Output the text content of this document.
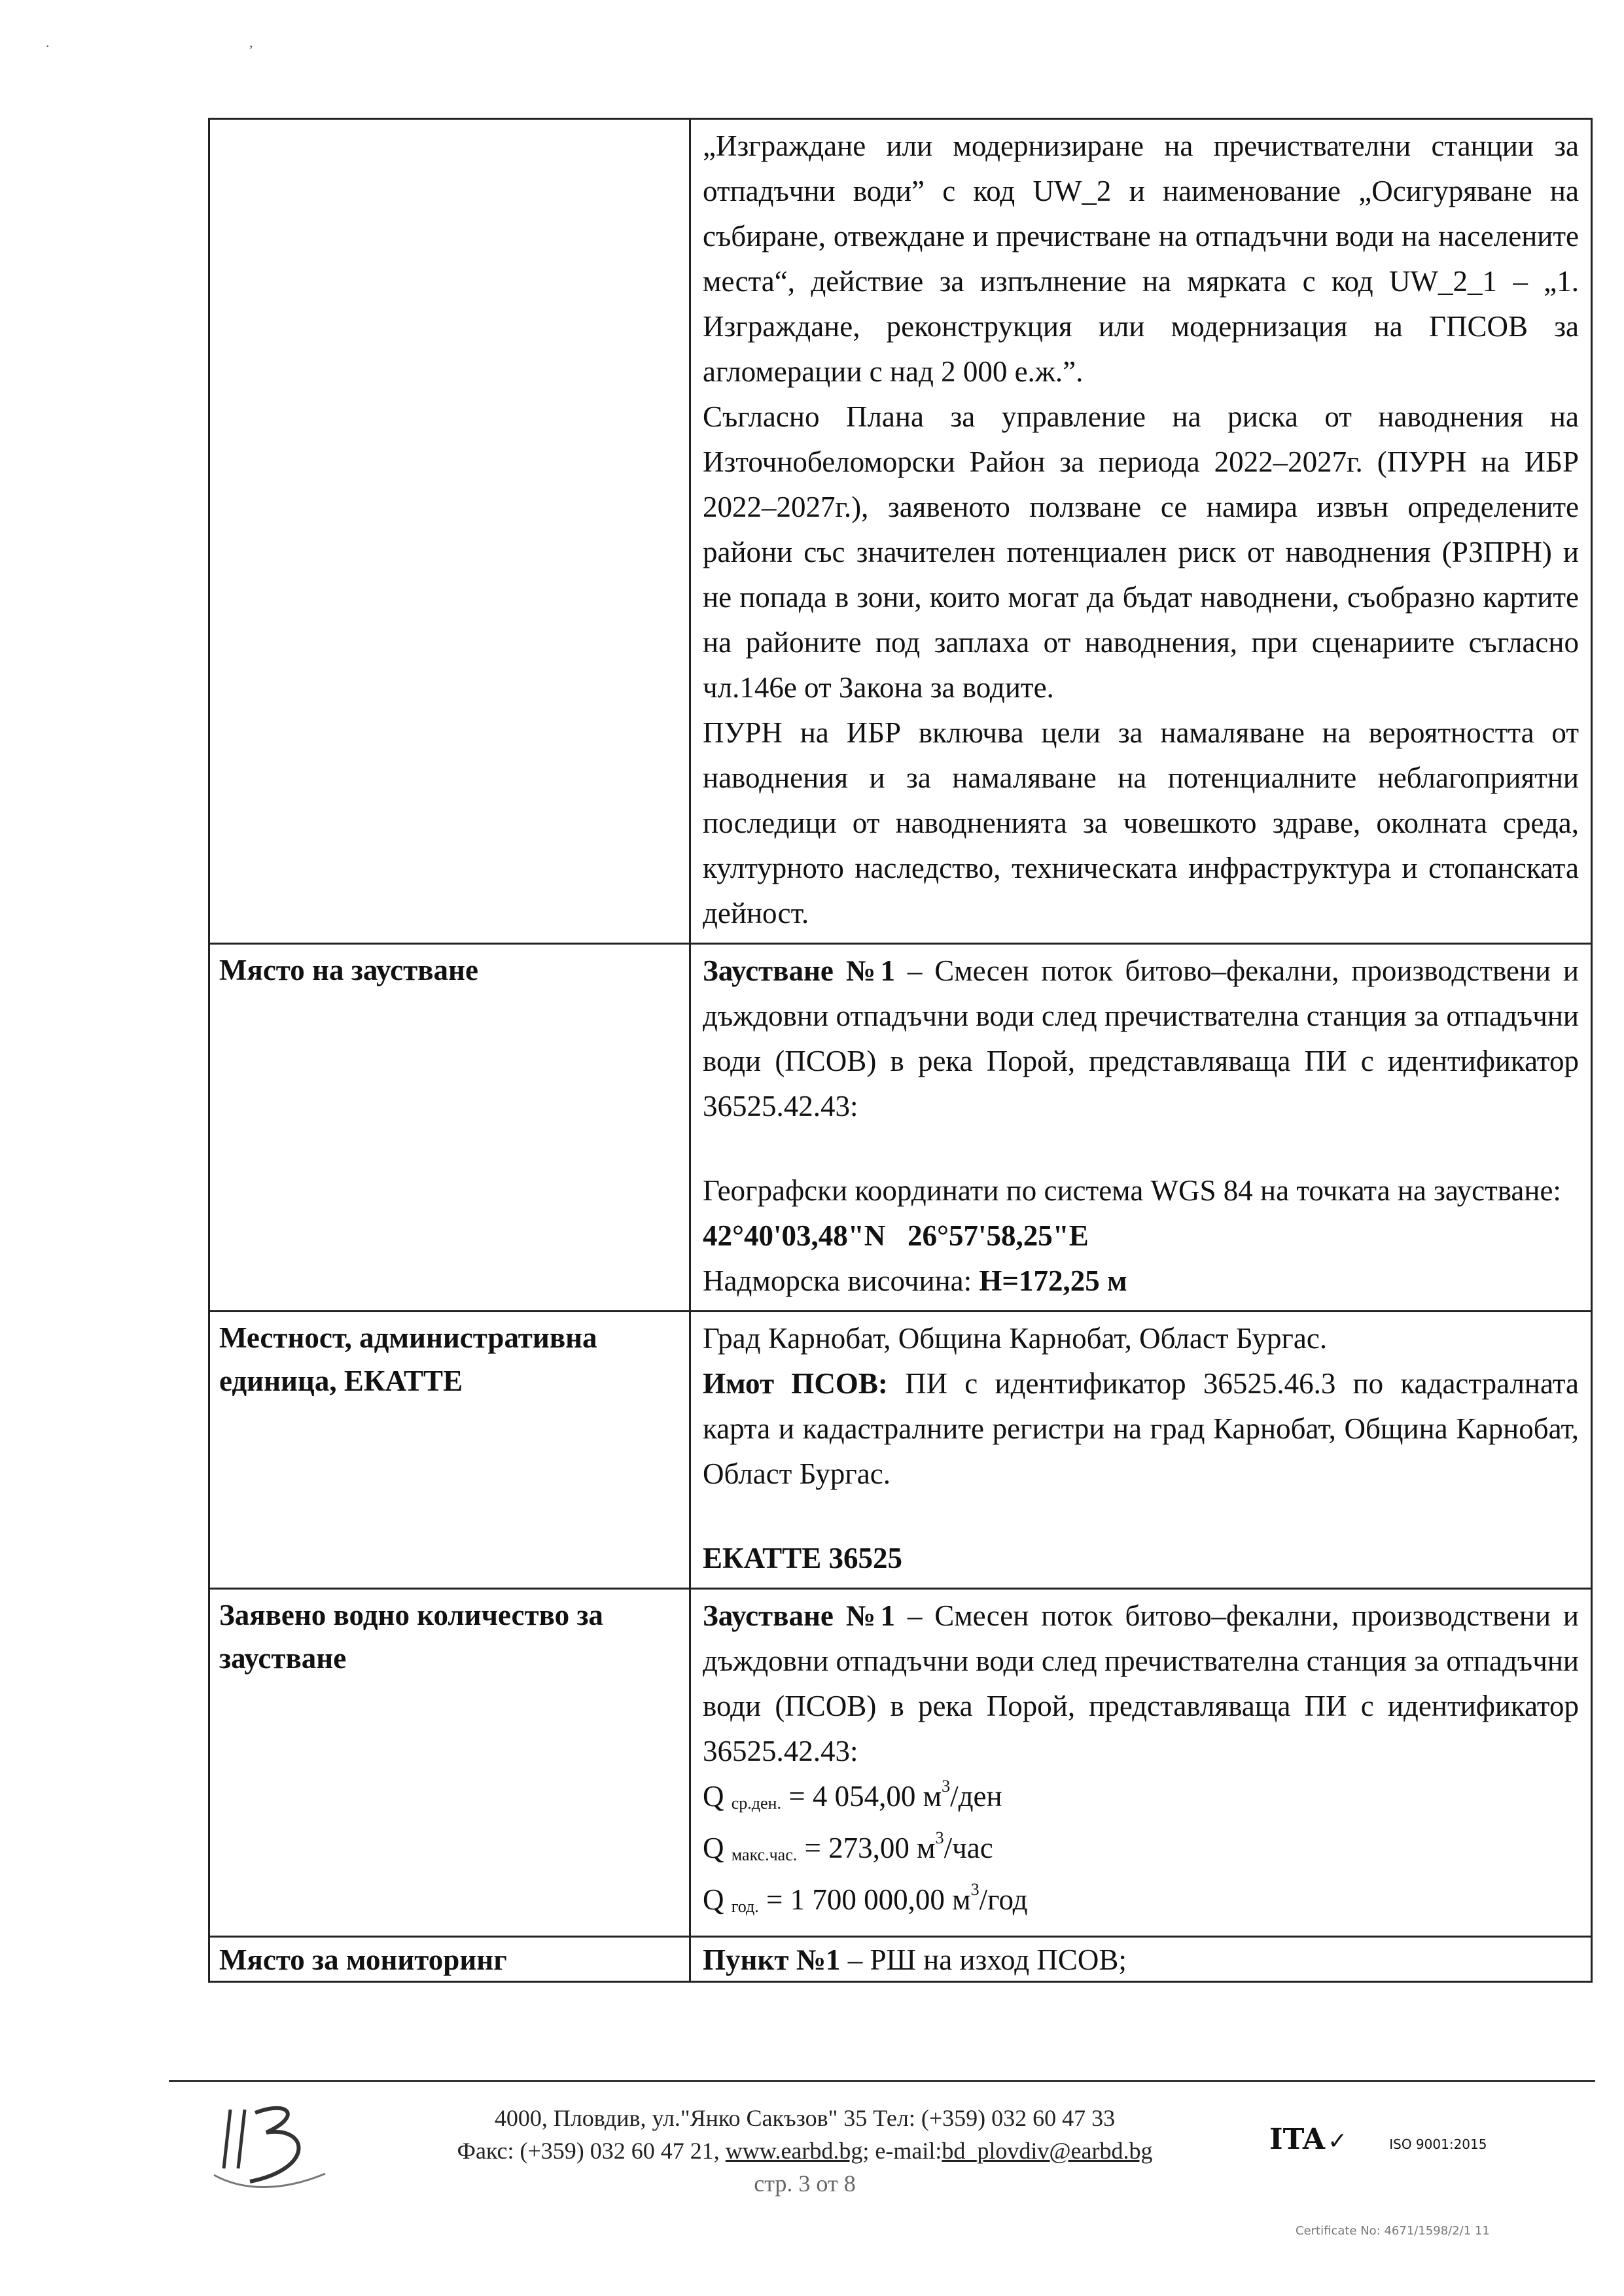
. ,

	„Изграждане или модернизиране на пречиствателни станции за отпадъчни води” с код UW_2 и наименование „Осигуряване на събиране, отвеждане и пречистване на отпадъчни води на населените места“, действие за изпълнение на мярката с код UW_2_1 – „1. Изграждане, реконструкция или модернизация на ГПСОВ за агломерации с над 2 000 е.ж.”.

Съгласно Плана за управление на риска от наводнения на Източнобеломорски Район за периода 2022–2027г. (ПУРН на ИБР 2022–2027г.), заявеното ползване се намира извън определените райони със значителен потенциален риск от наводнения (РЗПРН) и не попада в зони, които могат да бъдат наводнени, съобразно картите на районите под заплаха от наводнения, при сценариите съгласно чл.146е от Закона за водите.

ПУРН на ИБР включва цели за намаляване на вероятността от наводнения и за намаляване на потенциалните неблагоприятни последици от наводненията за човешкото здраве, околната среда, културното наследство, техническата инфраструктура и стопанската дейност.

Място на заустване	Заустване №1 – Смесен поток битово–фекални, производствени и дъждовни отпадъчни води след пречиствателна станция за отпадъчни води (ПСОВ) в река Порой, представляваща ПИ с идентификатор 36525.42.43:

Географски координати по система WGS 84 на точката на заустване:

42°40'03,48"N   26°57'58,25"E

Надморска височина: H=172,25 м

Местност, административна единица, ЕКАТТЕ	Град Карнобат, Община Карнобат, Област Бургас.

Имот ПСОВ: ПИ с идентификатор 36525.46.3 по кадастралната карта и кадастралните регистри на град Карнобат, Община Карнобат, Област Бургас.

ЕКАТТЕ 36525

Заявено водно количество за заустване	Заустване №1 – Смесен поток битово–фекални, производствени и дъждовни отпадъчни води след пречиствателна станция за отпадъчни води (ПСОВ) в река Порой, представляваща ПИ с идентификатор 36525.42.43:

Q $_{ср.ден.}$ = 4 054,00 $м^3$/ден

Q $_{макс.час.}$ = 273,00 $м^3$/час

Q $_{год.}$ = 1 700 000,00 $м^3$/год

Място за мониторинг	Пункт №1 – РШ на изход ПСОВ;
4000, Пловдив, ул."Янко Сакъзов" 35 Тел: (+359) 032 60 47 33
Факс: (+359) 032 60 47 21, www.earbd.bg; e-mail:bd_plovdiv@earbd.bg
стр. 3 от 8
ITA ✓	ISO 9001:2015
Certificate No: 4671/1598/2/1 11
